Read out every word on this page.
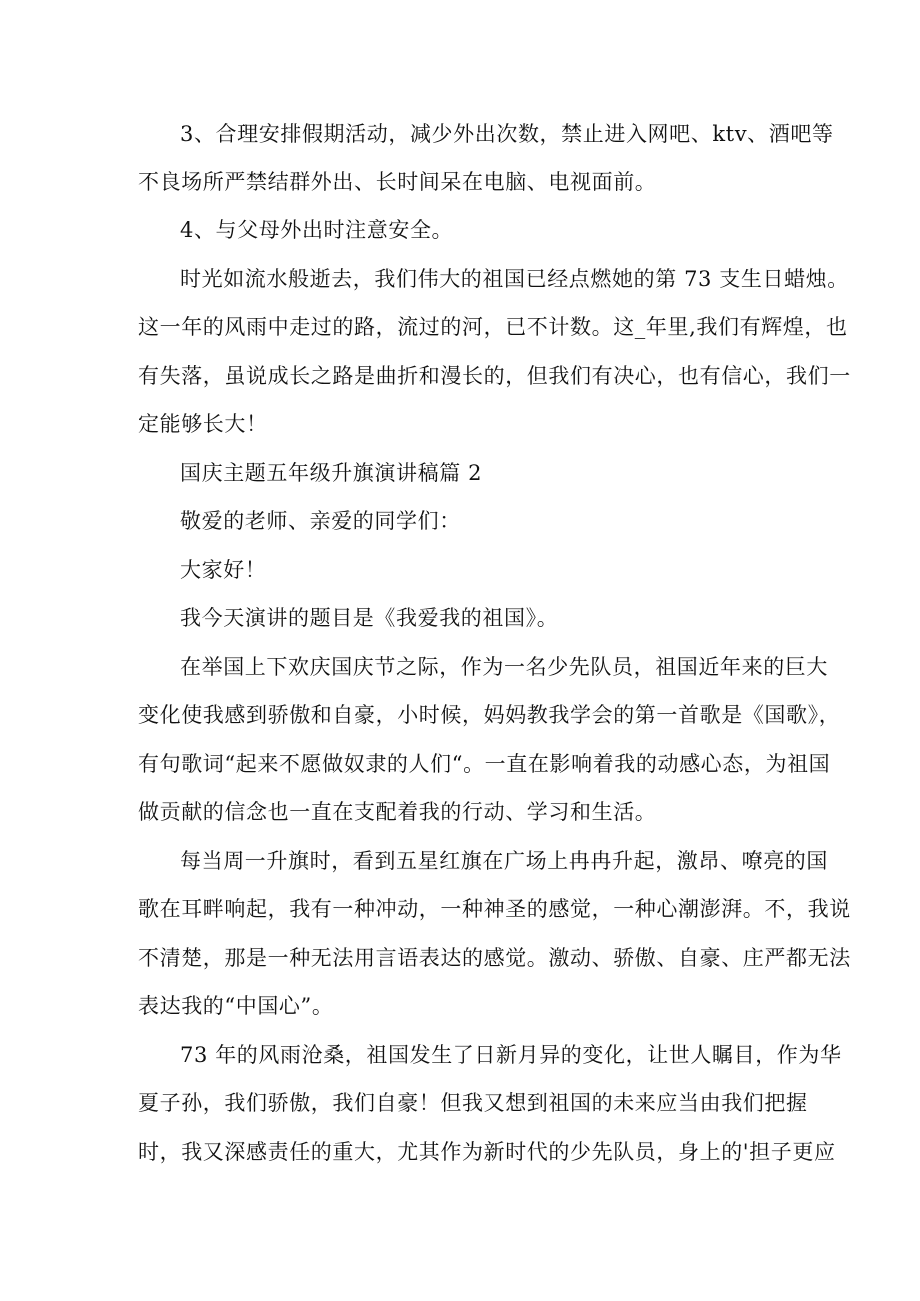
3、合理安排假期活动，减少外出次数，禁止进入网吧、ktv、酒吧等
不良场所严禁结群外出、长时间呆在电脑、电视面前。
4、与父母外出时注意安全。
时光如流水般逝去，我们伟大的祖国已经点燃她的第 73 支生日蜡烛。
这一年的风雨中走过的路，流过的河，已不计数。这_年里,我们有辉煌，也
有失落，虽说成长之路是曲折和漫长的，但我们有决心，也有信心，我们一
定能够长大！
国庆主题五年级升旗演讲稿篇 2
敬爱的老师、亲爱的同学们：
大家好！
我今天演讲的题目是《我爱我的祖国》。
在举国上下欢庆国庆节之际，作为一名少先队员，祖国近年来的巨大
变化使我感到骄傲和自豪，小时候，妈妈教我学会的第一首歌是《国歌》，
有句歌词“起来不愿做奴隶的人们“。一直在影响着我的动感心态，为祖国
做贡献的信念也一直在支配着我的行动、学习和生活。
每当周一升旗时，看到五星红旗在广场上冉冉升起，激昂、嘹亮的国
歌在耳畔响起，我有一种冲动，一种神圣的感觉，一种心潮澎湃。不，我说
不清楚，那是一种无法用言语表达的感觉。激动、骄傲、自豪、庄严都无法
表达我的“中国心”。
73 年的风雨沧桑，祖国发生了日新月异的变化，让世人瞩目，作为华
夏子孙，我们骄傲，我们自豪！但我又想到祖国的未来应当由我们把握
时，我又深感责任的重大，尤其作为新时代的少先队员，身上的'担子更应
